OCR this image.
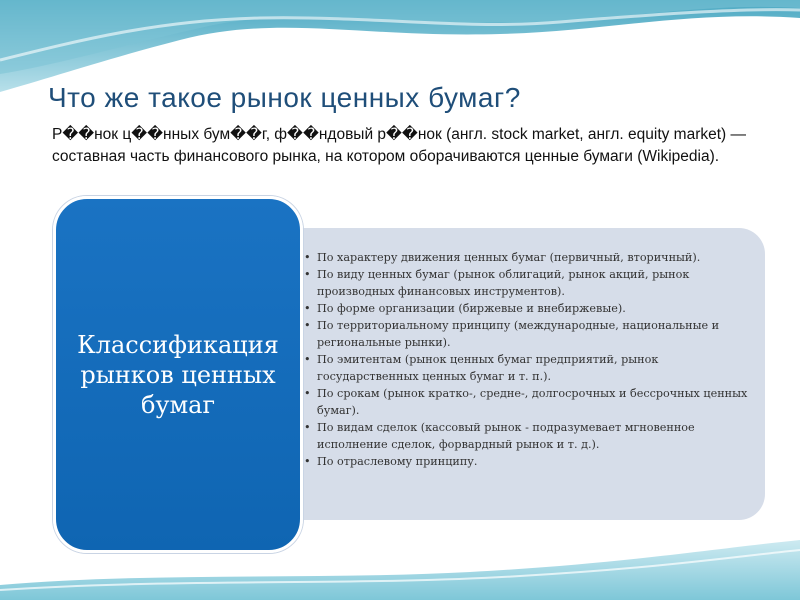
Что же такое рынок ценных бумаг?
Р��нок ц��нных бум��г, ф��ндовый р��нок (англ. stock market, англ. equity market) — составная часть финансового рынка, на котором оборачиваются ценные бумаги (Wikipedia).
• По характеру движения ценных бумаг (первичный, вторичный).
• По виду ценных бумаг (рынок облигаций, рынок акций, рынок производных финансовых инструментов).
• По форме организации (биржевые и внебиржевые).
• По территориальному принципу (международные, национальные и региональные рынки).
• По эмитентам (рынок ценных бумаг предприятий, рынок государственных ценных бумаг и т. п.).
• По срокам (рынок кратко-, средне-, долгосрочных и бессрочных ценных бумаг).
• По видам сделок (кассовый рынок - подразумевает мгновенное исполнение сделок, форвардный рынок и т. д.).
• По отраслевому принципу.
Классификация рынков ценных бумаг
